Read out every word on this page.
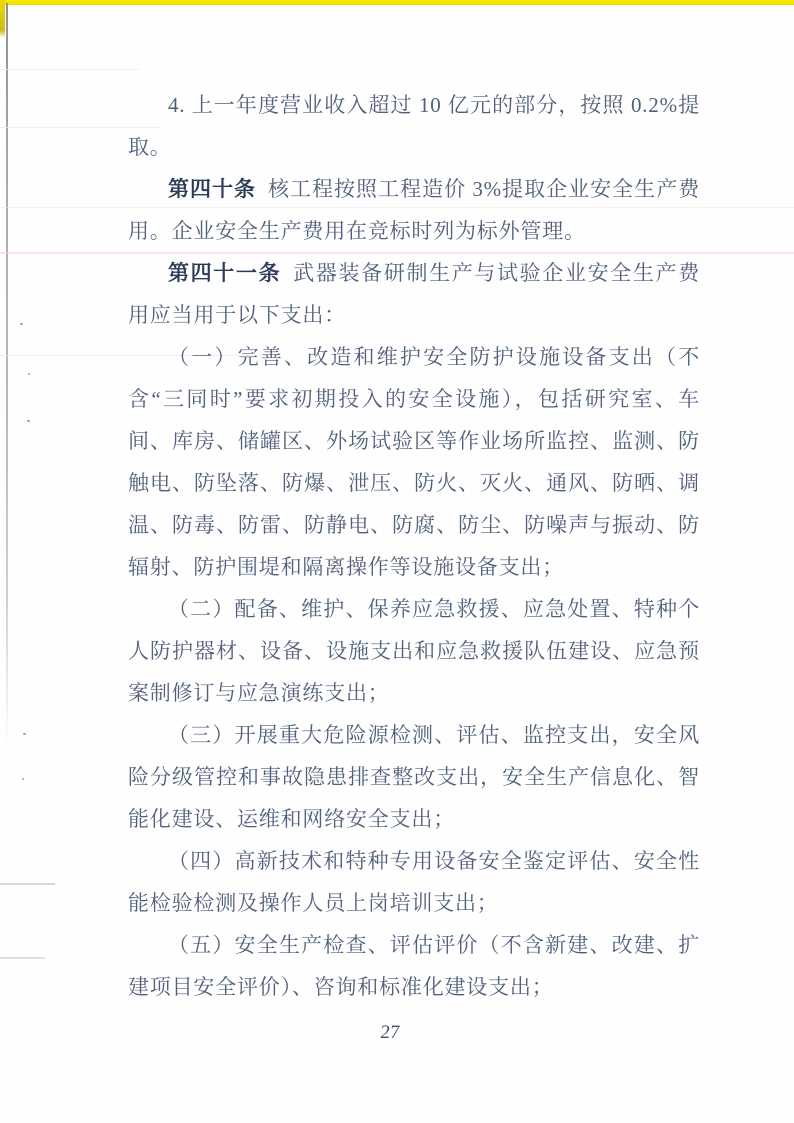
4. 上一年度营业收入超过 10 亿元的部分，按照 0.2%提取。

第四十条 核工程按照工程造价 3%提取企业安全生产费用。企业安全生产费用在竞标时列为标外管理。

第四十一条 武器装备研制生产与试验企业安全生产费用应当用于以下支出：

（一）完善、改造和维护安全防护设施设备支出（不含“三同时”要求初期投入的安全设施），包括研究室、车间、库房、储罐区、外场试验区等作业场所监控、监测、防触电、防坠落、防爆、泄压、防火、灭火、通风、防晒、调温、防毒、防雷、防静电、防腐、防尘、防噪声与振动、防辐射、防护围堤和隔离操作等设施设备支出；

（二）配备、维护、保养应急救援、应急处置、特种个人防护器材、设备、设施支出和应急救援队伍建设、应急预案制修订与应急演练支出；

（三）开展重大危险源检测、评估、监控支出，安全风险分级管控和事故隐患排查整改支出，安全生产信息化、智能化建设、运维和网络安全支出；

（四）高新技术和特种专用设备安全鉴定评估、安全性能检验检测及操作人员上岗培训支出；

（五）安全生产检查、评估评价（不含新建、改建、扩建项目安全评价）、咨询和标准化建设支出；

27
